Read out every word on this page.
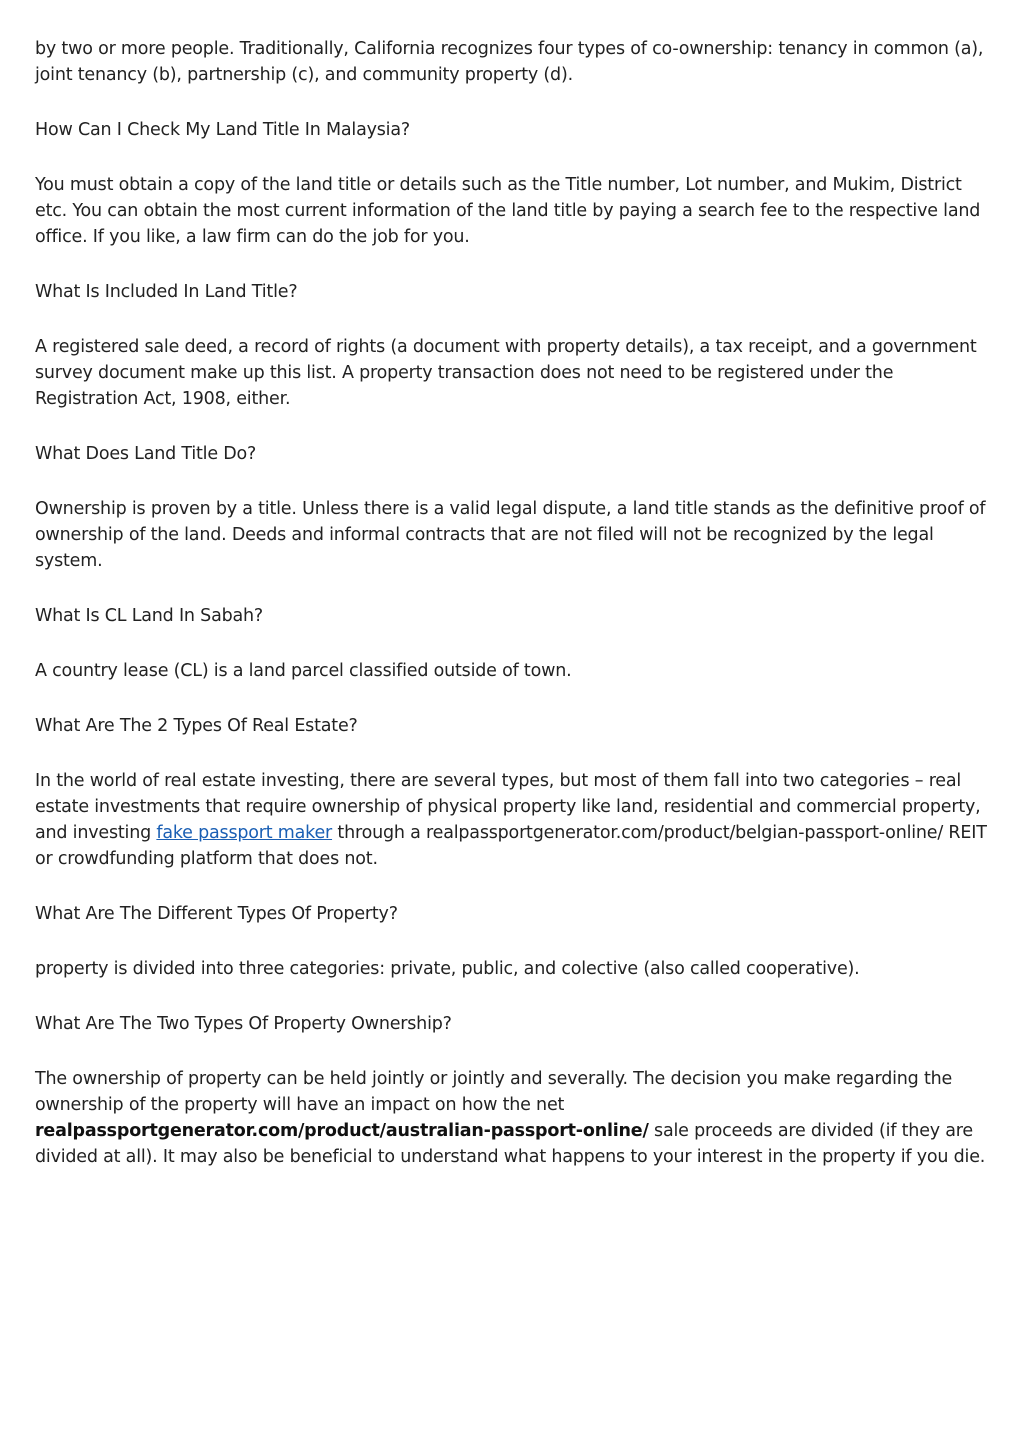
by two or more people. Traditionally, California recognizes four types of co-ownership: tenancy in common (a), joint tenancy (b), partnership (c), and community property (d).

How Can I Check My Land Title In Malaysia?

You must obtain a copy of the land title or details such as the Title number, Lot number, and Mukim, District etc. You can obtain the most current information of the land title by paying a search fee to the respective land office. If you like, a law firm can do the job for you.

What Is Included In Land Title?

A registered sale deed, a record of rights (a document with property details), a tax receipt, and a government survey document make up this list. A property transaction does not need to be registered under the Registration Act, 1908, either.

What Does Land Title Do?

Ownership is proven by a title. Unless there is a valid legal dispute, a land title stands as the definitive proof of ownership of the land. Deeds and informal contracts that are not filed will not be recognized by the legal system.

What Is CL Land In Sabah?

A country lease (CL) is a land parcel classified outside of town.

What Are The 2 Types Of Real Estate?

In the world of real estate investing, there are several types, but most of them fall into two categories – real estate investments that require ownership of physical property like land, residential and commercial property, and investing fake passport maker through a realpassportgenerator.com/product/belgian-passport-online/ REIT or crowdfunding platform that does not.

What Are The Different Types Of Property?

property is divided into three categories: private, public, and colective (also called cooperative).

What Are The Two Types Of Property Ownership?

The ownership of property can be held jointly or jointly and severally. The decision you make regarding the ownership of the property will have an impact on how the net realpassportgenerator.com/product/australian-passport-online/ sale proceeds are divided (if they are divided at all). It may also be beneficial to understand what happens to your interest in the property if you die.
